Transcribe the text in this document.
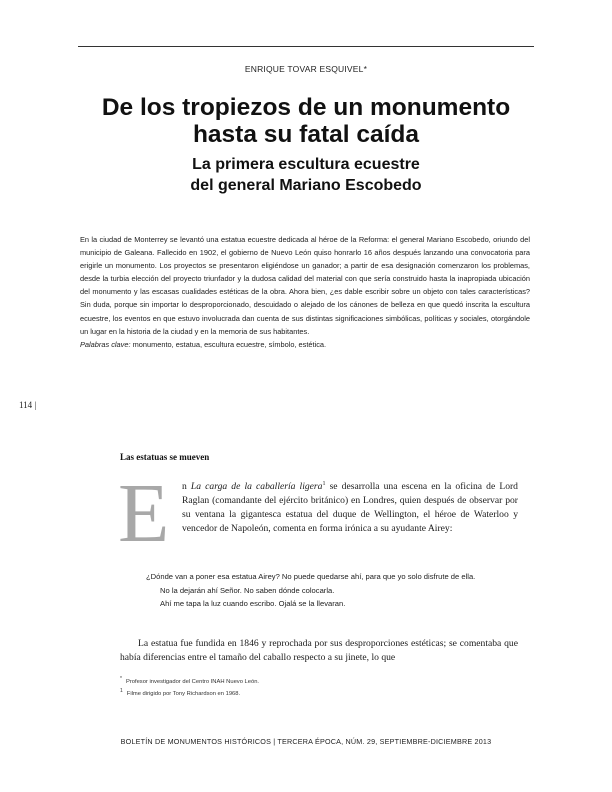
ENRIQUE TOVAR ESQUIVEL*
De los tropiezos de un monumento
hasta su fatal caída
La primera escultura ecuestre
del general Mariano Escobedo

En la ciudad de Monterrey se levantó una estatua ecuestre dedicada al héroe de la Reforma: el general Mariano Escobedo, oriundo del municipio de Galeana. Fallecido en 1902, el gobierno de Nuevo León quiso honrarlo 16 años después lanzando una convocatoria para erigirle un monumento. Los proyectos se presentaron eligiéndose un ganador; a partir de esa designación comenzaron los problemas, desde la turbia elección del proyecto triunfador y la dudosa calidad del material con que sería construido hasta la inapropiada ubicación del monumento y las escasas cualidades estéticas de la obra. Ahora bien, ¿es dable escribir sobre un objeto con tales características? Sin duda, porque sin importar lo desproporcionado, descuidado o alejado de los cánones de belleza en que quedó inscrita la escultura ecuestre, los eventos en que estuvo involucrada dan cuenta de sus distintas significaciones simbólicas, políticas y sociales, otorgándole un lugar en la historia de la ciudad y en la memoria de sus habitantes.

Palabras clave: monumento, estatua, escultura ecuestre, símbolo, estética.

114 |
Las estatuas se mueven
E n La carga de la caballería ligera$^1$ se desarrolla una escena en la oficina de Lord Raglan (comandante del ejército británico) en Londres, quien después de observar por su ventana la gigantesca estatua del duque de Wellington, el héroe de Waterloo y vencedor de Napoleón, comenta en forma irónica a su ayudante Airey:

¿Dónde van a poner esa estatua Airey? No puede quedarse ahí, para que yo solo disfrute de ella.

No la dejarán ahí Señor. No saben dónde colocarla.

Ahí me tapa la luz cuando escribo. Ojalá se la llevaran.

La estatua fue fundida en 1846 y reprochada por sus desproporciones estéticas; se comentaba que había diferencias entre el tamaño del caballo respecto a su jinete, lo que

* Profesor investigador del Centro INAH Nuevo León.

1 Filme dirigido por Tony Richardson en 1968.

BOLETÍN DE MONUMENTOS HISTÓRICOS | TERCERA ÉPOCA, NÚM. 29, SEPTIEMBRE-DICIEMBRE 2013
